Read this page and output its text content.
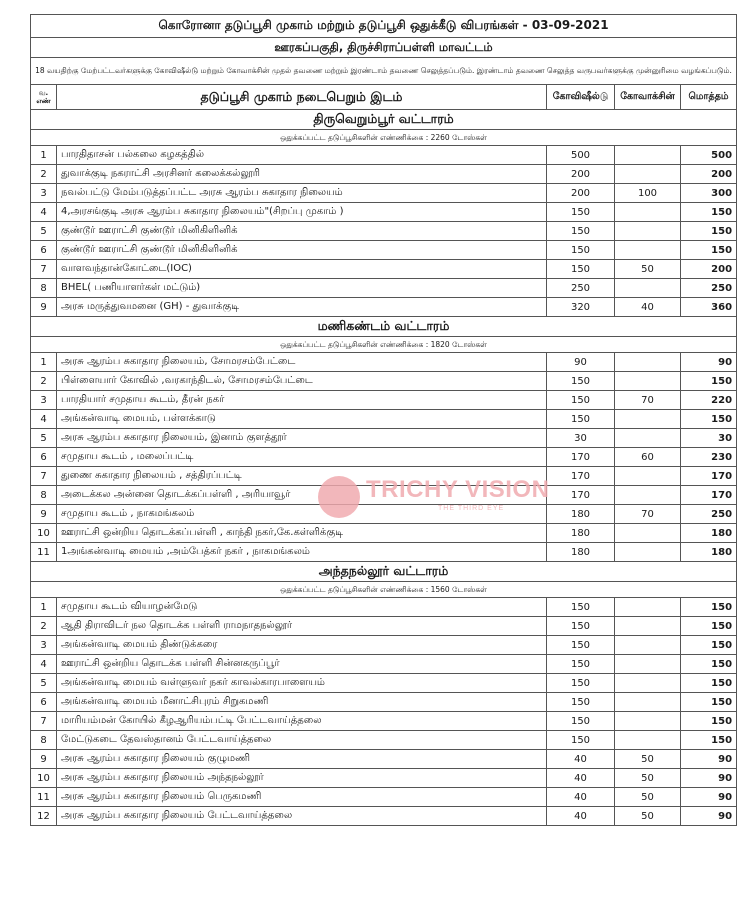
கொரோனா தடுப்பூசி முகாம் மற்றும் தடுப்பூசி ஒதுக்கீடு விபரங்கள் - 03-09-2021				
ஊரகப்பகுதி, திருச்சிராப்பள்ளி மாவட்டம்				
18 வயதிற்கு மேற்பட்டவர்களுக்கு கோவிஷீல்டு மற்றும் கோவாக்சின் முதல் தவணை மற்றும் இரண்டாம் தவணை செலுத்தப்படும். இரண்டாம் தவணை செலுத்த வருபவர்களுக்கு முன்னுரிமை வழங்கப்படும்.				
வ. எண்	தடுப்பூசி முகாம் நடைபெறும் இடம்	கோவிஷீல்டு	கோவாக்சின்	மொத்தம்
திருவெறும்பூர் வட்டாரம்				
ஒதுக்கப்பட்ட தடுப்பூசிகளின் எண்ணிக்கை : 2260 டோஸ்கள்				
1	பாரதிதாசன் பல்கலை கழகத்தில்	500		500
2	துவாக்குடி நகராட்சி அரசினர் கலைக்கல்லூரி	200		200
3	நவல்பட்டு மேம்படுத்தப்பட்ட அரசு ஆரம்ப சுகாதார நிலையம்	200	100	300
4	4,அரசங்குடி அரசு ஆரம்ப சுகாதார நிலையம்"(சிறப்பு முகாம் )	150		150
5	குண்டூர் ஊராட்சி குண்டூர் மினிகிளினிக்	150		150
6	குண்டூர் ஊராட்சி குண்டூர் மினிகிளினிக்	150		150
7	வாளவந்தான்கோட்டை(IOC)	150	50	200
8	BHEL( பணியாளர்கள் மட்டும்)	250		250
9	அரசு மருத்துவமனை (GH) - துவாக்குடி	320	40	360
மணிகண்டம் வட்டாரம்				
ஒதுக்கப்பட்ட தடுப்பூசிகளின் எண்ணிக்கை : 1820 டோஸ்கள்				
1	அரசு ஆரம்ப சுகாதார நிலையம், சோமரசம்பேட்டை	90		90
2	பிள்ளையார் கோவில் ,வரகாந்திடல், சோமரசம்பேட்டை	150		150
3	பாரதியார் சமுதாய கூடம், தீரன் நகர்	150	70	220
4	அங்கன்வாடி மையம், பள்ளக்காடு	150		150
5	அரசு ஆரம்ப சுகாதார நிலையம், இனாம் குளத்தூர்	30		30
6	சமுதாய கூடம் , மலைப்பட்டி	170	60	230
7	துணை சுகாதார நிலையம் , சத்திரப்பட்டி	170		170
8	அடைக்கல அன்னை தொடக்கப்பள்ளி , அரியாவூர்	170		170
9	சமுதாய கூடம் , நாகமங்கலம்	180	70	250
10	ஊராட்சி ஒன்றிய தொடக்கப்பள்ளி , காந்தி நகர்,கே.கள்ளிக்குடி	180		180
11	1அங்கன்வாடி மையம் ,அம்பேத்கர் நகர் , நாகமங்கலம்	180		180
அந்தநல்லூர் வட்டாரம்				
ஒதுக்கப்பட்ட தடுப்பூசிகளின் எண்ணிக்கை : 1560 டோஸ்கள்				
1	சமுதாய கூடம் வியாழன்மேடு	150		150
2	ஆதி திராவிடர் நல தொடக்க பள்ளி ராமநாதநல்லூர்	150		150
3	அங்கன்வாடி மையம் திண்டுக்கரை	150		150
4	ஊராட்சி ஒன்றிய தொடக்க பள்ளி சின்னகருப்பூர்	150		150
5	அங்கன்வாடி மையம் வள்ளுவர் நகர் காவல்காரபாளையம்	150		150
6	அங்கன்வாடி மையம் மீனாட்சிபுரம் சிறுகமணி	150		150
7	மாரியம்மன் கோயில் கீழஆரியம்பட்டி பேட்டவாய்த்தலை	150		150
8	மேட்டுகடை தேவஸ்தானம் பேட்டவாய்த்தலை	150		150
9	அரசு ஆரம்ப சுகாதார நிலையம் குழுமணி	40	50	90
10	அரசு ஆரம்ப சுகாதார நிலையம் அந்தநல்லூர்	40	50	90
11	அரசு ஆரம்ப சுகாதார நிலையம் பெருகமணி	40	50	90
12	அரசு ஆரம்ப சுகாதார நிலையம் பேட்டவாய்த்தலை	40	50	90
TRICHY VISION
THE THIRD EYE
